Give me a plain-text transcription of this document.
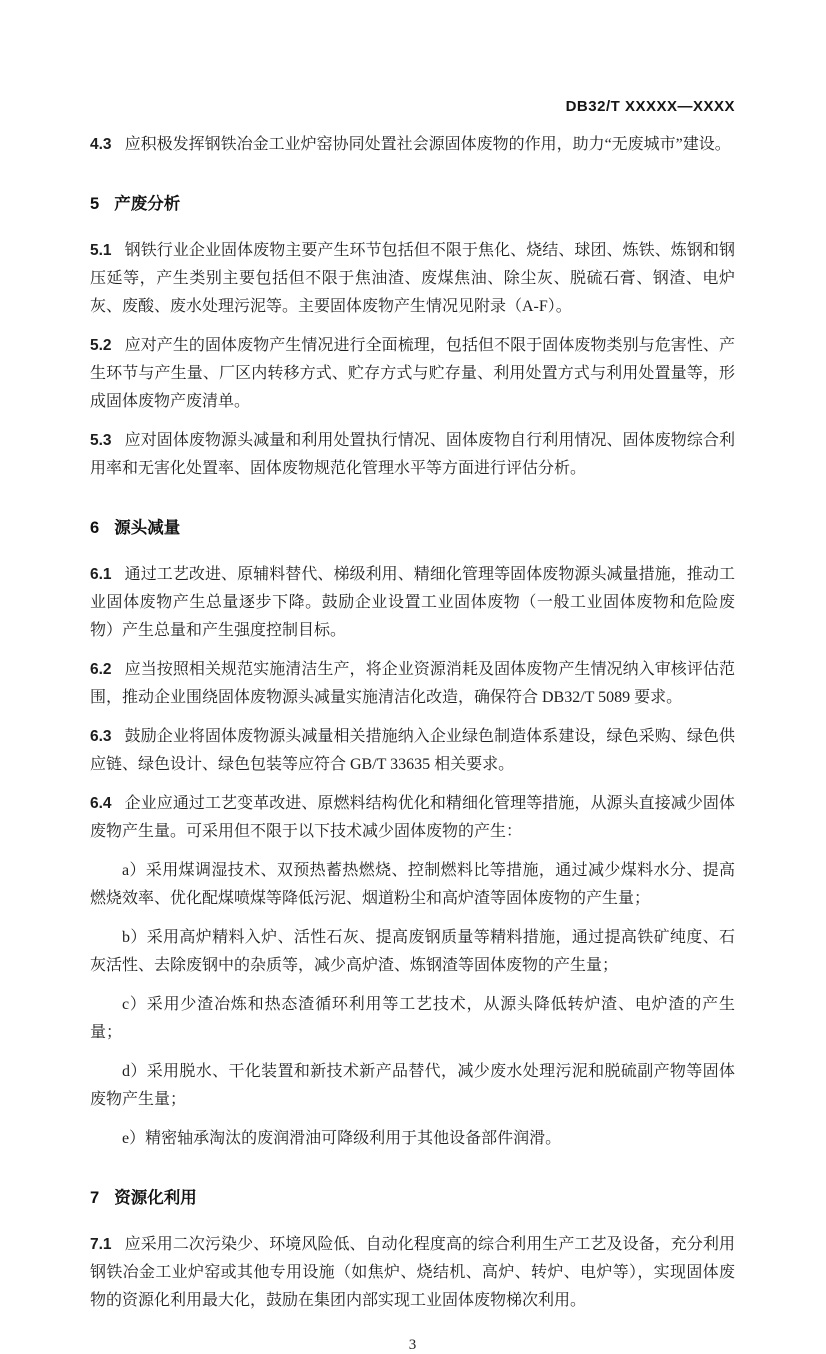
DB32/T XXXXX—XXXX

4.3 应积极发挥钢铁冶金工业炉窑协同处置社会源固体废物的作用，助力“无废城市”建设。

5 产废分析

5.1 钢铁行业企业固体废物主要产生环节包括但不限于焦化、烧结、球团、炼铁、炼钢和钢压延等，产生类别主要包括但不限于焦油渣、废煤焦油、除尘灰、脱硫石膏、钢渣、电炉灰、废酸、废水处理污泥等。主要固体废物产生情况见附录（A-F）。

5.2 应对产生的固体废物产生情况进行全面梳理，包括但不限于固体废物类别与危害性、产生环节与产生量、厂区内转移方式、贮存方式与贮存量、利用处置方式与利用处置量等，形成固体废物产废清单。

5.3 应对固体废物源头减量和利用处置执行情况、固体废物自行利用情况、固体废物综合利用率和无害化处置率、固体废物规范化管理水平等方面进行评估分析。

6 源头减量

6.1 通过工艺改进、原辅料替代、梯级利用、精细化管理等固体废物源头减量措施，推动工业固体废物产生总量逐步下降。鼓励企业设置工业固体废物（一般工业固体废物和危险废物）产生总量和产生强度控制目标。

6.2 应当按照相关规范实施清洁生产，将企业资源消耗及固体废物产生情况纳入审核评估范围，推动企业围绕固体废物源头减量实施清洁化改造，确保符合 DB32/T 5089 要求。

6.3 鼓励企业将固体废物源头减量相关措施纳入企业绿色制造体系建设，绿色采购、绿色供应链、绿色设计、绿色包装等应符合 GB/T 33635 相关要求。

6.4 企业应通过工艺变革改进、原燃料结构优化和精细化管理等措施，从源头直接减少固体废物产生量。可采用但不限于以下技术减少固体废物的产生：

a）采用煤调湿技术、双预热蓄热燃烧、控制燃料比等措施，通过减少煤料水分、提高燃烧效率、优化配煤喷煤等降低污泥、烟道粉尘和高炉渣等固体废物的产生量；

b）采用高炉精料入炉、活性石灰、提高废钢质量等精料措施，通过提高铁矿纯度、石灰活性、去除废钢中的杂质等，减少高炉渣、炼钢渣等固体废物的产生量；

c）采用少渣冶炼和热态渣循环利用等工艺技术，从源头降低转炉渣、电炉渣的产生量；

d）采用脱水、干化装置和新技术新产品替代，减少废水处理污泥和脱硫副产物等固体废物产生量；

e）精密轴承淘汰的废润滑油可降级利用于其他设备部件润滑。

7 资源化利用

7.1 应采用二次污染少、环境风险低、自动化程度高的综合利用生产工艺及设备，充分利用钢铁冶金工业炉窑或其他专用设施（如焦炉、烧结机、高炉、转炉、电炉等），实现固体废物的资源化利用最大化，鼓励在集团内部实现工业固体废物梯次利用。

3
